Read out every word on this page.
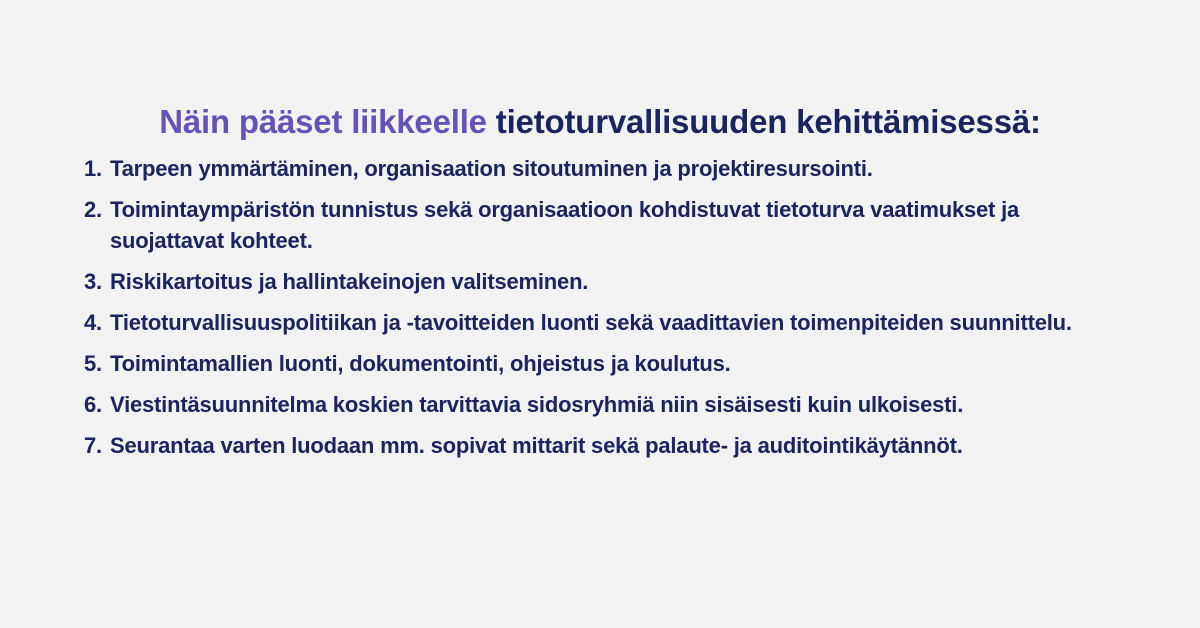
Näin pääset liikkeelle tietoturvallisuuden kehittämisessä:
1. Tarpeen ymmärtäminen, organisaation sitoutuminen ja projektiresursointi.
2. Toimintaympäristön tunnistus sekä organisaatioon kohdistuvat tietoturva vaatimukset ja suojattavat kohteet.
3. Riskikartoitus ja hallintakeinojen valitseminen.
4. Tietoturvallisuuspolitiikan ja -tavoitteiden luonti sekä vaadittavien toimenpiteiden suunnittelu.
5. Toimintamallien luonti, dokumentointi, ohjeistus ja koulutus.
6. Viestintäsuunnitelma koskien tarvittavia sidosryhmiä niin sisäisesti kuin ulkoisesti.
7. Seurantaa varten luodaan mm. sopivat mittarit sekä palaute- ja auditointikäytännöt.
